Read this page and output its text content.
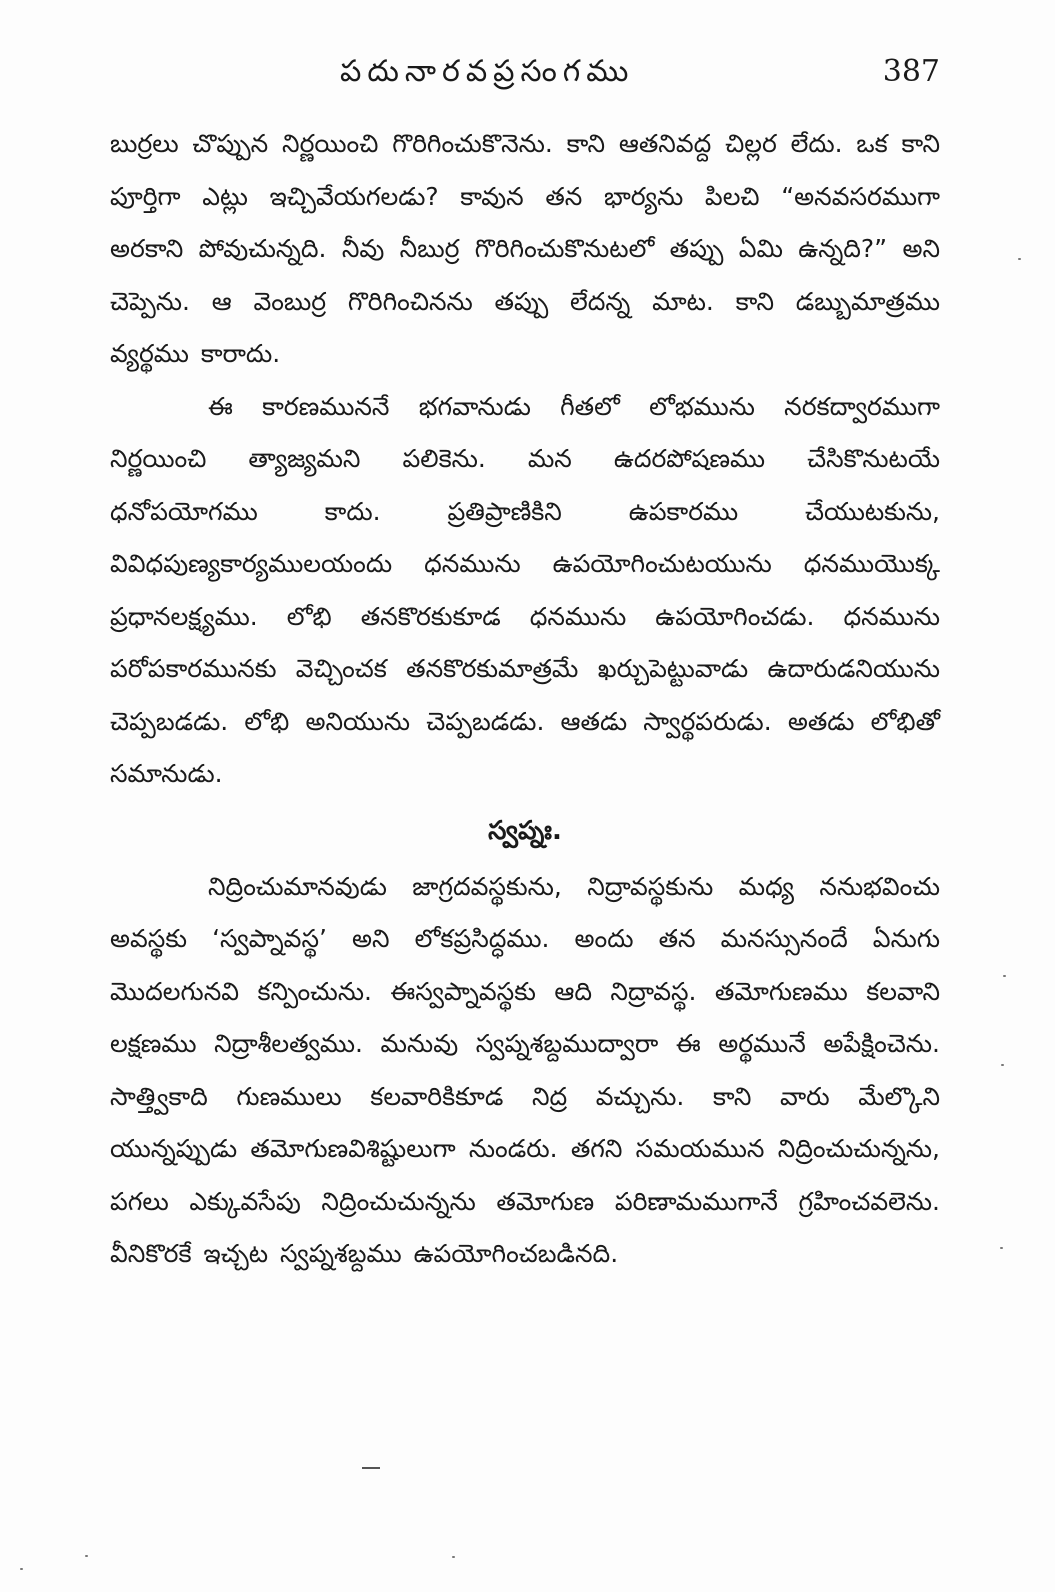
పదునారవప్రసంగము	387

బుర్రలు చొప్పున నిర్ణయించి గొరిగించుకొనెను. కాని ఆతనివద్ద చిల్లర లేదు. ఒక కాని పూర్తిగా ఎట్లు ఇచ్చివేయగలడు? కావున తన భార్యను పిలచి “అనవసరముగా అరకాని పోవుచున్నది. నీవు నీబుర్ర గొరిగించుకొనుటలో తప్పు ఏమి ఉన్నది?” అని చెప్పెను. ఆ వెంబుర్ర గొరిగించినను తప్పు లేదన్న మాట. కాని డబ్బుమాత్రము వ్యర్థము కారాదు.

ఈ కారణముననే భగవానుడు గీతలో లోభమును నరకద్వారముగా నిర్ణయించి త్యాజ్యమని పలికెను. మన ఉదరపోషణము చేసికొనుటయే ధనోపయోగము కాదు. ప్రతిప్రాణికిని ఉపకారము చేయుటకును, వివిధపుణ్యకార్యములయందు ధనమును ఉపయోగించుటయును ధనముయొక్క ప్రధానలక్ష్యము. లోభి తనకొరకుకూడ ధనమును ఉపయోగించడు. ధనమును పరోపకారమునకు వెచ్చించక తనకొరకుమాత్రమే ఖర్చుపెట్టువాడు ఉదారుడనియును చెప్పబడడు. లోభి అనియును చెప్పబడడు. ఆతడు స్వార్థపరుడు. అతడు లోభితో సమానుడు.

స్వప్నః.

నిద్రించుమానవుడు జాగ్రదవస్థకును, నిద్రావస్థకును మధ్య ననుభవించు అవస్థకు ‘స్వప్నావస్థ’ అని లోకప్రసిద్ధము. అందు తన మనస్సునందే ఏనుగు మొదలగునవి కన్పించును. ఈస్వప్నావస్థకు ఆది నిద్రావస్థ. తమోగుణము కలవాని లక్షణము నిద్రాశీలత్వము. మనువు స్వప్నశబ్దముద్వారా ఈ అర్థమునే అపేక్షించెను. సాత్త్వికాది గుణములు కలవారికికూడ నిద్ర వచ్చును. కాని వారు మేల్కొని యున్నప్పుడు తమోగుణవిశిష్టులుగా నుండరు. తగని సమయమున నిద్రించుచున్నను, పగలు ఎక్కువసేపు నిద్రించుచున్నను తమోగుణ పరిణామముగానే గ్రహించవలెను. వీనికొరకే ఇచ్చట స్వప్నశబ్దము ఉపయోగించబడినది.
